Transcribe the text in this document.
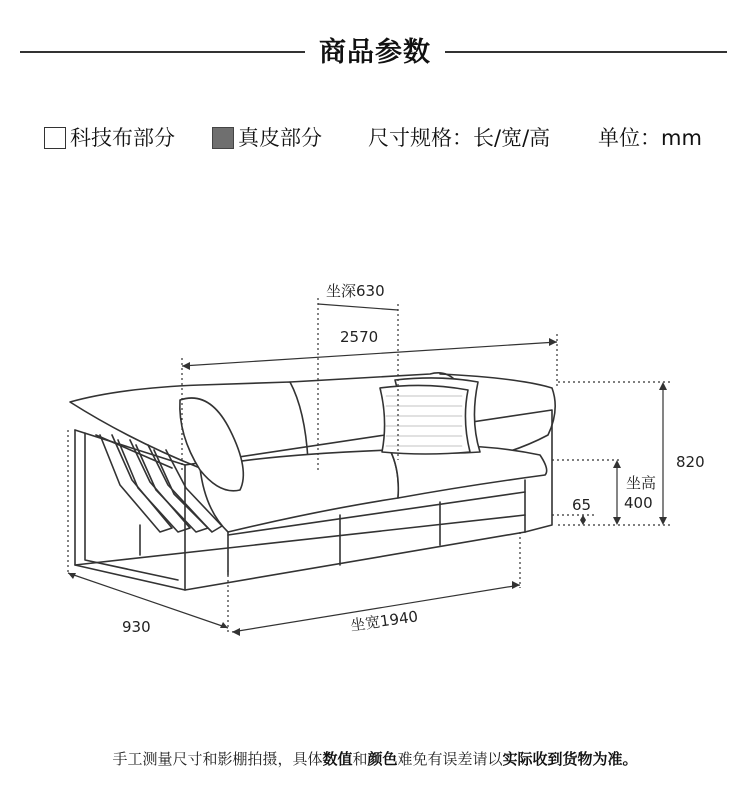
商品参数
科技布部分	真皮部分 尺寸规格：长/宽/高 单位：mm
坐深630
2570
820
坐高
400
65
930	坐宽1940
手工测量尺寸和影棚拍摄，具体数值和颜色难免有误差请以实际收到货物为准。
